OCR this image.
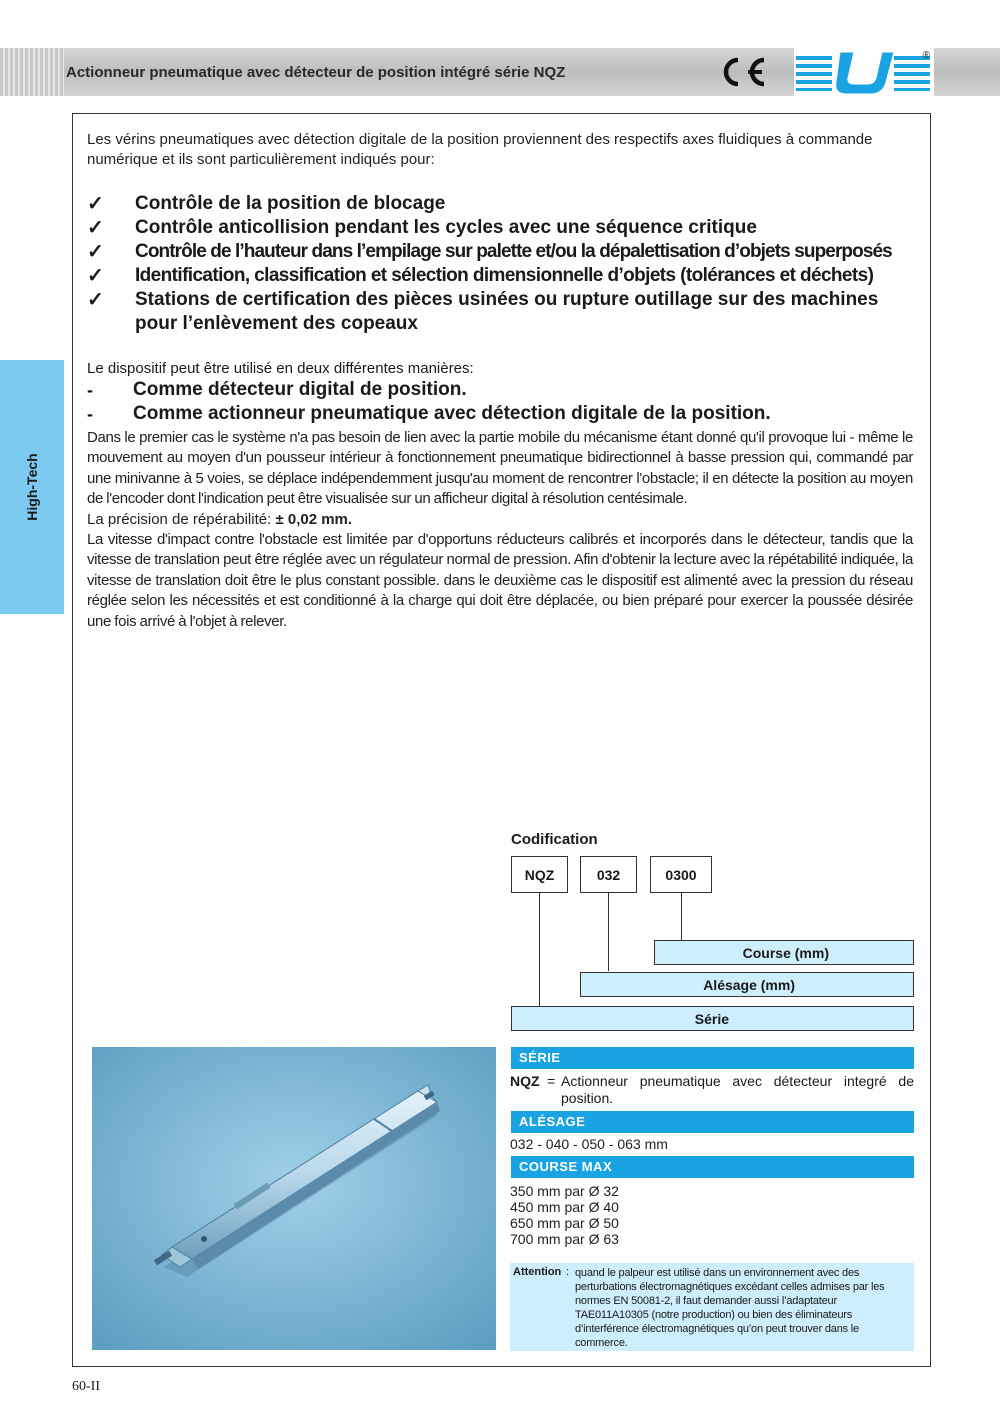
Actionneur pneumatique avec détecteur de position intégré série NQZ
®
High-Tech
Les vérins pneumatiques avec détection digitale de la position proviennent des respectifs axes fluidiques à commande numérique et ils sont particulièrement indiqués pour:
✓ Contrôle de la position de blocage
✓ Contrôle anticollision pendant les cycles avec une séquence critique
✓ Contrôle de l’hauteur dans l’empilage sur palette et/ou la dépalettisation d’objets superposés
✓ Identification, classification et sélection dimensionnelle d’objets (tolérances et déchets)
✓ Stations de certification des pièces usinées ou rupture outillage sur des machines pour l’enlèvement des copeaux
Le dispositif peut être utilisé en deux différentes manières:
- Comme détecteur digital de position.
- Comme actionneur pneumatique avec détection digitale de la position.

Dans le premier cas le système n'a pas besoin de lien avec la partie mobile du mécanisme étant donné qu'il provoque lui - même le mouvement au moyen d'un pousseur intérieur à fonctionnement pneumatique bidirectionnel à basse pression qui, commandé par une minivanne à 5 voies, se déplace indépendemment jusqu'au moment de rencontrer l'obstacle; il en détecte la position au moyen de l'encoder dont l'indication peut être visualisée sur un afficheur digital à résolution centésimale.

La précision de répérabilité: ± 0,02 mm.

La vitesse d'impact contre l'obstacle est limitée par d'opportuns réducteurs calibrés et incorporés dans le détecteur, tandis que la vitesse de translation peut être réglée avec un régulateur normal de pression. Afin d'obtenir la lecture avec la répétabilité indiquée, la vitesse de translation doit être le plus constant possible. dans le deuxième cas le dispositif est alimenté avec la pression du réseau réglée selon les nécessités et est conditionné à la charge qui doit être déplacée, ou bien préparé pour exercer la poussée désirée une fois arrivé à l'objet à relever.

Codification
NQZ	032	0300
Course (mm)
Alésage (mm)
Série
SÉRIE
NQZ = Actionneur pneumatique avec détecteur integré de position.
ALÉSAGE
032 - 040 - 050 - 063 mm
COURSE MAX
350 mm par Ø 32
450 mm par Ø 40
650 mm par Ø 50
700 mm par Ø 63
Attention : quand le palpeur est utilisé dans un environnement avec des perturbations électromagnétiques excédant celles admises par les normes EN 50081-2, il faut demander aussi l’adaptateur TAE011A10305 (notre production) ou bien des éliminateurs d’interférence électromagnétiques qu’on peut trouver dans le commerce.
60-II
